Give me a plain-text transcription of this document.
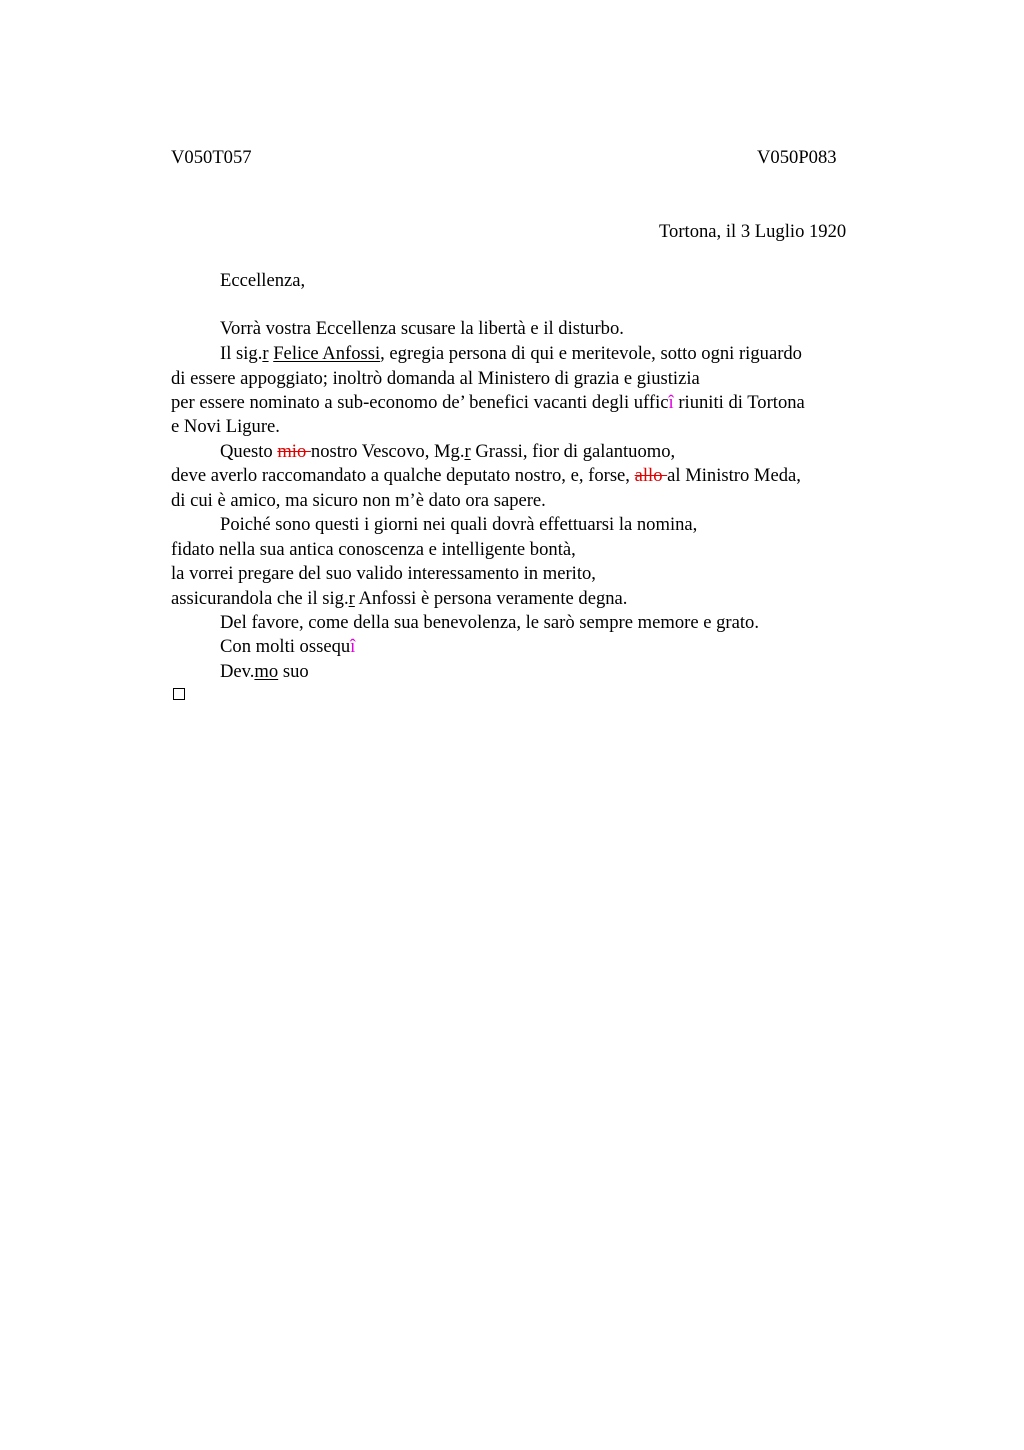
V050T057	V050P083
Tortona, il 3 Luglio 1920
Eccellenza,
Vorrà vostra Eccellenza scusare la libertà e il disturbo.
Il sig.r Felice Anfossi, egregia persona di qui e meritevole, sotto ogni riguardo
di essere appoggiato; inoltrò domanda al Ministero di grazia e giustizia
per essere nominato a sub-economo de’ benefici vacanti degli ufficî riuniti di Tortona
e Novi Ligure.
Questo mio nostro Vescovo, Mg.r Grassi, fior di galantuomo,
deve averlo raccomandato a qualche deputato nostro, e, forse, allo al Ministro Meda,
di cui è amico, ma sicuro non m’è dato ora sapere.
Poiché sono questi i giorni nei quali dovrà effettuarsi la nomina,
fidato nella sua antica conoscenza e intelligente bontà,
la vorrei pregare del suo valido interessamento in merito,
assicurandola che il sig.r Anfossi è persona veramente degna.
Del favore, come della sua benevolenza, le sarò sempre memore e grato.
Con molti ossequî
Dev.mo suo
